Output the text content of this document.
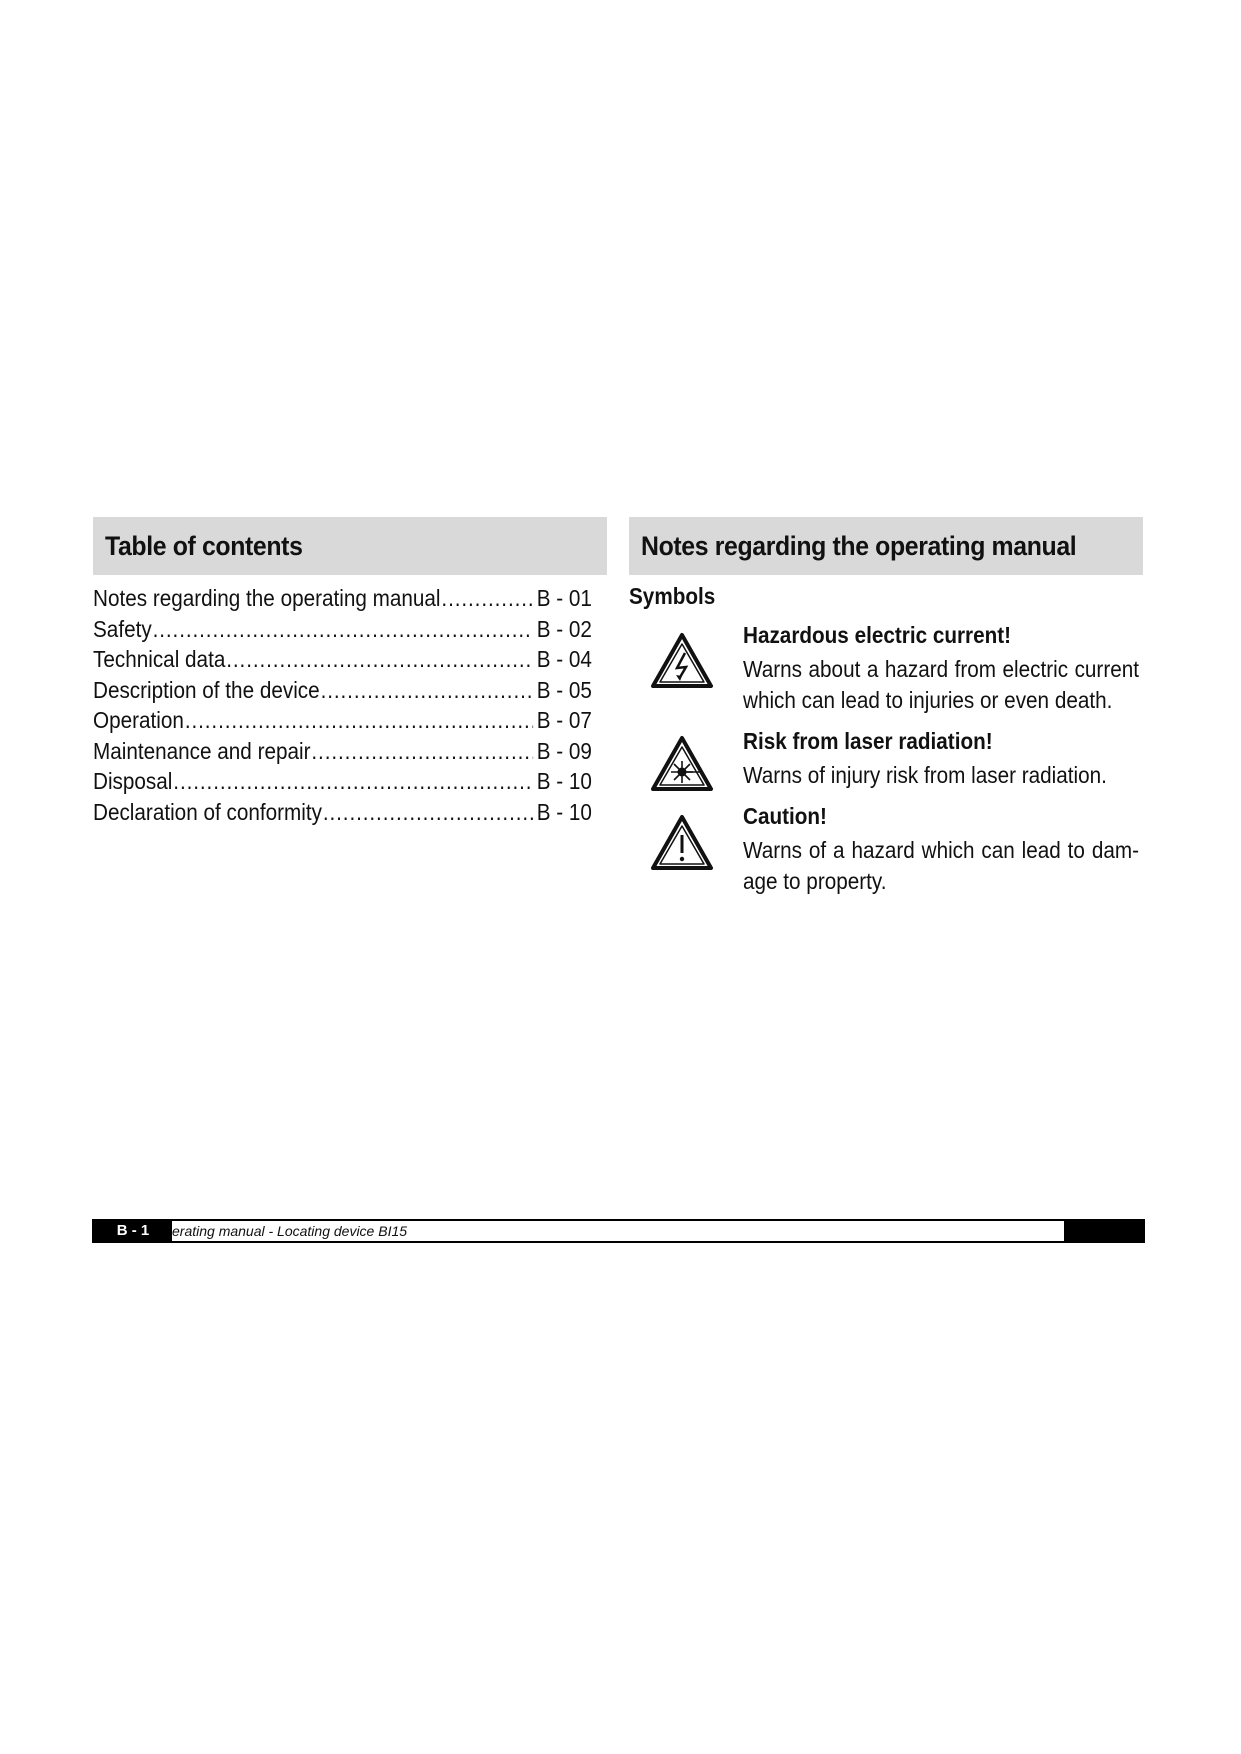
Table of contents	Notes regarding the operating manual
Notes regarding the operating manual .....	B - 01
Safety .....	B - 02
Technical data .....	B - 04
Description of the device .....	B - 05
Operation .....	B - 07
Maintenance and repair .....	B - 09
Disposal .....	B - 10
Declaration of conformity .....	B - 10

Symbols

Hazardous electric current!

Warns about a hazard from electric current which can lead to injuries or even death.

Risk from laser radiation!

Warns of injury risk from laser radiation.

Caution!

Warns of a hazard which can lead to dam-age to property.

B - 1	erating manual - Locating device BI15
